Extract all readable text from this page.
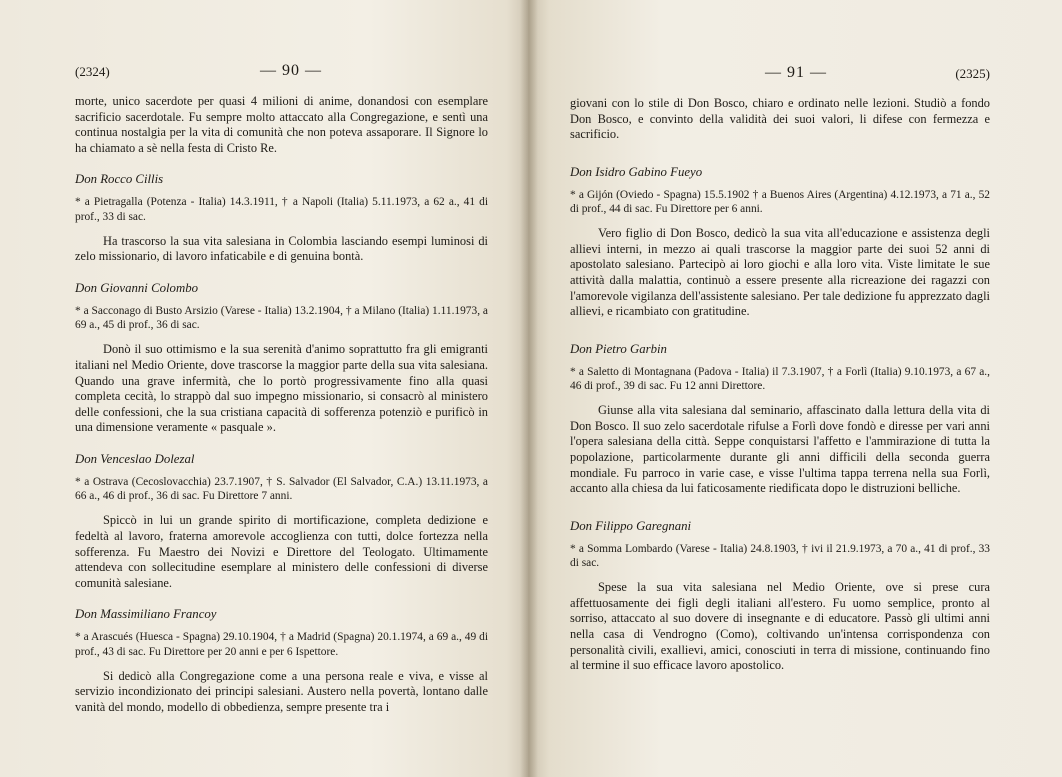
(2324)	— 90 —

morte, unico sacerdote per quasi 4 milioni di anime, donandosi con esemplare sacrificio sacerdotale. Fu sempre molto attaccato alla Congregazione, e sentì una continua nostalgia per la vita di comunità che non poteva assaporare. Il Signore lo ha chiamato a sè nella festa di Cristo Re.

Don Rocco Cillis
* a Pietragalla (Potenza - Italia) 14.3.1911, † a Napoli (Italia) 5.11.1973, a 62 a., 41 di prof., 33 di sac.

Ha trascorso la sua vita salesiana in Colombia lasciando esempi luminosi di zelo missionario, di lavoro infaticabile e di genuina bontà.

Don Giovanni Colombo
* a Sacconago di Busto Arsizio (Varese - Italia) 13.2.1904, † a Milano (Italia) 1.11.1973, a 69 a., 45 di prof., 36 di sac.

Donò il suo ottimismo e la sua serenità d'animo soprattutto fra gli emigranti italiani nel Medio Oriente, dove trascorse la maggior parte della sua vita salesiana. Quando una grave infermità, che lo portò progressivamente fino alla quasi completa cecità, lo strappò dal suo impegno missionario, si consacrò al ministero delle confessioni, che la sua cristiana capacità di sofferenza potenziò e purificò in una dimensione veramente « pasquale ».

Don Venceslao Dolezal
* a Ostrava (Cecoslovacchia) 23.7.1907, † S. Salvador (El Salvador, C.A.) 13.11.1973, a 66 a., 46 di prof., 36 di sac. Fu Direttore 7 anni.

Spiccò in lui un grande spirito di mortificazione, completa dedizione e fedeltà al lavoro, fraterna amorevole accoglienza con tutti, dolce fortezza nella sofferenza. Fu Maestro dei Novizi e Direttore del Teologato. Ultimamente attendeva con sollecitudine esemplare al ministero delle confessioni di diverse comunità salesiane.

Don Massimiliano Francoy
* a Arascués (Huesca - Spagna) 29.10.1904, † a Madrid (Spagna) 20.1.1974, a 69 a., 49 di prof., 43 di sac. Fu Direttore per 20 anni e per 6 Ispettore.

Si dedicò alla Congregazione come a una persona reale e viva, e visse al servizio incondizionato dei principi salesiani. Austero nella povertà, lontano dalle vanità del mondo, modello di obbedienza, sempre presente tra i

— 91 —	(2325)

giovani con lo stile di Don Bosco, chiaro e ordinato nelle lezioni. Studiò a fondo Don Bosco, e convinto della validità dei suoi valori, li difese con fermezza e sacrificio.

Don Isidro Gabino Fueyo
* a Gijón (Oviedo - Spagna) 15.5.1902 † a Buenos Aires (Argentina) 4.12.1973, a 71 a., 52 di prof., 44 di sac. Fu Direttore per 6 anni.

Vero figlio di Don Bosco, dedicò la sua vita all'educazione e assistenza degli allievi interni, in mezzo ai quali trascorse la maggior parte dei suoi 52 anni di apostolato salesiano. Partecipò ai loro giochi e alla loro vita. Viste limitate le sue attività dalla malattia, continuò a essere presente alla ricreazione dei ragazzi con l'amorevole vigilanza dell'assistente salesiano. Per tale dedizione fu apprezzato dagli allievi, e ricambiato con gratitudine.

Don Pietro Garbin
* a Saletto di Montagnana (Padova - Italia) il 7.3.1907, † a Forlì (Italia) 9.10.1973, a 67 a., 46 di prof., 39 di sac. Fu 12 anni Direttore.

Giunse alla vita salesiana dal seminario, affascinato dalla lettura della vita di Don Bosco. Il suo zelo sacerdotale rifulse a Forlì dove fondò e diresse per vari anni l'opera salesiana della città. Seppe conquistarsi l'affetto e l'ammirazione di tutta la popolazione, particolarmente durante gli anni difficili della seconda guerra mondiale. Fu parroco in varie case, e visse l'ultima tappa terrena nella sua Forlì, accanto alla chiesa da lui faticosamente riedificata dopo le distruzioni belliche.

Don Filippo Garegnani
* a Somma Lombardo (Varese - Italia) 24.8.1903, † ivi il 21.9.1973, a 70 a., 41 di prof., 33 di sac.

Spese la sua vita salesiana nel Medio Oriente, ove si prese cura affettuosamente dei figli degli italiani all'estero. Fu uomo semplice, pronto al sorriso, attaccato al suo dovere di insegnante e di educatore. Passò gli ultimi anni nella casa di Vendrogno (Como), coltivando un'intensa corrispondenza con personalità civili, exallievi, amici, conosciuti in terra di missione, continuando fino al termine il suo efficace lavoro apostolico.
